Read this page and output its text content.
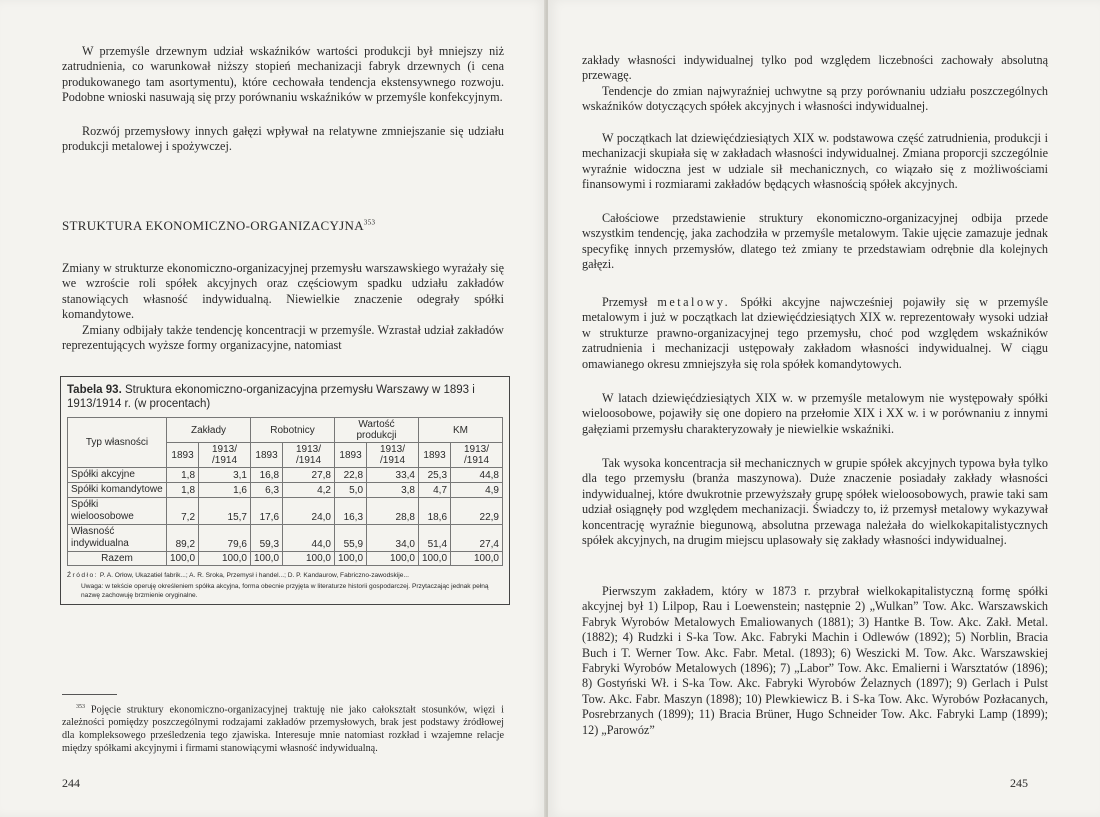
W przemyśle drzewnym udział wskaźników wartości produkcji był mniejszy niż zatrudnienia, co warunkował niższy stopień mechanizacji fabryk drzewnych (i cena produkowanego tam asortymentu), które cechowała tendencja ekstensywnego rozwoju. Podobne wnioski nasuwają się przy porównaniu wskaźników w przemyśle konfekcyjnym.

Rozwój przemysłowy innych gałęzi wpływał na relatywne zmniejszanie się udziału produkcji metalowej i spożywczej.

STRUKTURA EKONOMICZNO-ORGANIZACYJNA$^{353}$

Zmiany w strukturze ekonomiczno-organizacyjnej przemysłu warszawskiego wyrażały się we wzroście roli spółek akcyjnych oraz częściowym spadku udziału zakładów stanowiących własność indywidualną. Niewielkie znaczenie odegrały spółki komandytowe.

Zmiany odbijały także tendencję koncentracji w przemyśle. Wzrastał udział zakładów reprezentujących wyższe formy organizacyjne, natomiast

Tabela 93. Struktura ekonomiczno-organizacyjna przemysłu Warszawy w 1893 i 1913/1914 r. (w procentach)

Typ własności	Zakłady		Robotnicy		Wartość produkcji		KM	
	1893	1913/ /1914	1893	1913/ /1914	1893	1913/ /1914	1893	1913/ /1914
Spółki akcyjne	1,8	3,1	16,8	27,8	22,8	33,4	25,3	44,8
Spółki komandytowe	1,8	1,6	6,3	4,2	5,0	3,8	4,7	4,9
Spółki wieloosobowe	7,2	15,7	17,6	24,0	16,3	28,8	18,6	22,9
Własność indywidualna	89,2	79,6	59,3	44,0	55,9	34,0	51,4	27,4
Razem	100,0	100,0	100,0	100,0	100,0	100,0	100,0	100,0
Źródło: P. A. Orłow, Ukazatiel fabrik...; A. R. Sroka, Przemysł i handel...; D. P. Kandaurow, Fabriczno-zawodskije...
Uwaga: w tekście operuję określeniem spółka akcyjna, forma obecnie przyjęta w literaturze historii gospodarczej. Przytaczając jednak pełną nazwę zachowuję brzmienie oryginalne.

$^{353}$ Pojęcie struktury ekonomiczno-organizacyjnej traktuję nie jako całokształt stosunków, więzi i zależności pomiędzy poszczególnymi rodzajami zakładów przemysłowych, brak jest podstawy źródłowej dla kompleksowego prześledzenia tego zjawiska. Interesuje mnie natomiast rozkład i wzajemne relacje między spółkami akcyjnymi i firmami stanowiącymi własność indywidualną.

244

zakłady własności indywidualnej tylko pod względem liczebności zachowały absolutną przewagę.

Tendencje do zmian najwyraźniej uchwytne są przy porównaniu udziału poszczególnych wskaźników dotyczących spółek akcyjnych i własności indywidualnej.

W początkach lat dziewięćdziesiątych XIX w. podstawowa część zatrudnienia, produkcji i mechanizacji skupiała się w zakładach własności indywidualnej. Zmiana proporcji szczególnie wyraźnie widoczna jest w udziale sił mechanicznych, co wiązało się z możliwościami finansowymi i rozmiarami zakładów będących własnością spółek akcyjnych.

Całościowe przedstawienie struktury ekonomiczno-organizacyjnej odbija przede wszystkim tendencję, jaka zachodziła w przemyśle metalowym. Takie ujęcie zamazuje jednak specyfikę innych przemysłów, dlatego też zmiany te przedstawiam odrębnie dla kolejnych gałęzi.

Przemysł metalowy. Spółki akcyjne najwcześniej pojawiły się w przemyśle metalowym i już w początkach lat dziewięćdziesiątych XIX w. reprezentowały wysoki udział w strukturze prawno-organizacyjnej tego przemysłu, choć pod względem wskaźników zatrudnienia i mechanizacji ustępowały zakładom własności indywidualnej. W ciągu omawianego okresu zmniejszyła się rola spółek komandytowych.

W latach dziewięćdziesiątych XIX w. w przemyśle metalowym nie występowały spółki wieloosobowe, pojawiły się one dopiero na przełomie XIX i XX w. i w porównaniu z innymi gałęziami przemysłu charakteryzowały je niewielkie wskaźniki.

Tak wysoka koncentracja sił mechanicznych w grupie spółek akcyjnych typowa była tylko dla tego przemysłu (branża maszynowa). Duże znaczenie posiadały zakłady własności indywidualnej, które dwukrotnie przewyższały grupę spółek wieloosobowych, prawie taki sam udział osiągnęły pod względem mechanizacji. Świadczy to, iż przemysł metalowy wykazywał koncentrację wyraźnie biegunową, absolutna przewaga należała do wielkokapitalistycznych spółek akcyjnych, na drugim miejscu uplasowały się zakłady własności indywidualnej.

Pierwszym zakładem, który w 1873 r. przybrał wielkokapitalistyczną formę spółki akcyjnej był 1) Lilpop, Rau i Loewenstein; następnie 2) „Wulkan” Tow. Akc. Warszawskich Fabryk Wyrobów Metalowych Emaliowanych (1881); 3) Hantke B. Tow. Akc. Zakł. Metal. (1882); 4) Rudzki i S-ka Tow. Akc. Fabryki Machin i Odlewów (1892); 5) Norblin, Bracia Buch i T. Werner Tow. Akc. Fabr. Metal. (1893); 6) Weszicki M. Tow. Akc. Warszawskiej Fabryki Wyrobów Metalowych (1896); 7) „Labor” Tow. Akc. Emalierni i Warsztatów (1896); 8) Gostyński Wł. i S-ka Tow. Akc. Fabryki Wyrobów Żelaznych (1897); 9) Gerlach i Pulst Tow. Akc. Fabr. Maszyn (1898); 10) Plewkiewicz B. i S-ka Tow. Akc. Wyrobów Pozłacanych, Posrebrzanych (1899); 11) Bracia Brüner, Hugo Schneider Tow. Akc. Fabryki Lamp (1899); 12) „Parowóz”

245
